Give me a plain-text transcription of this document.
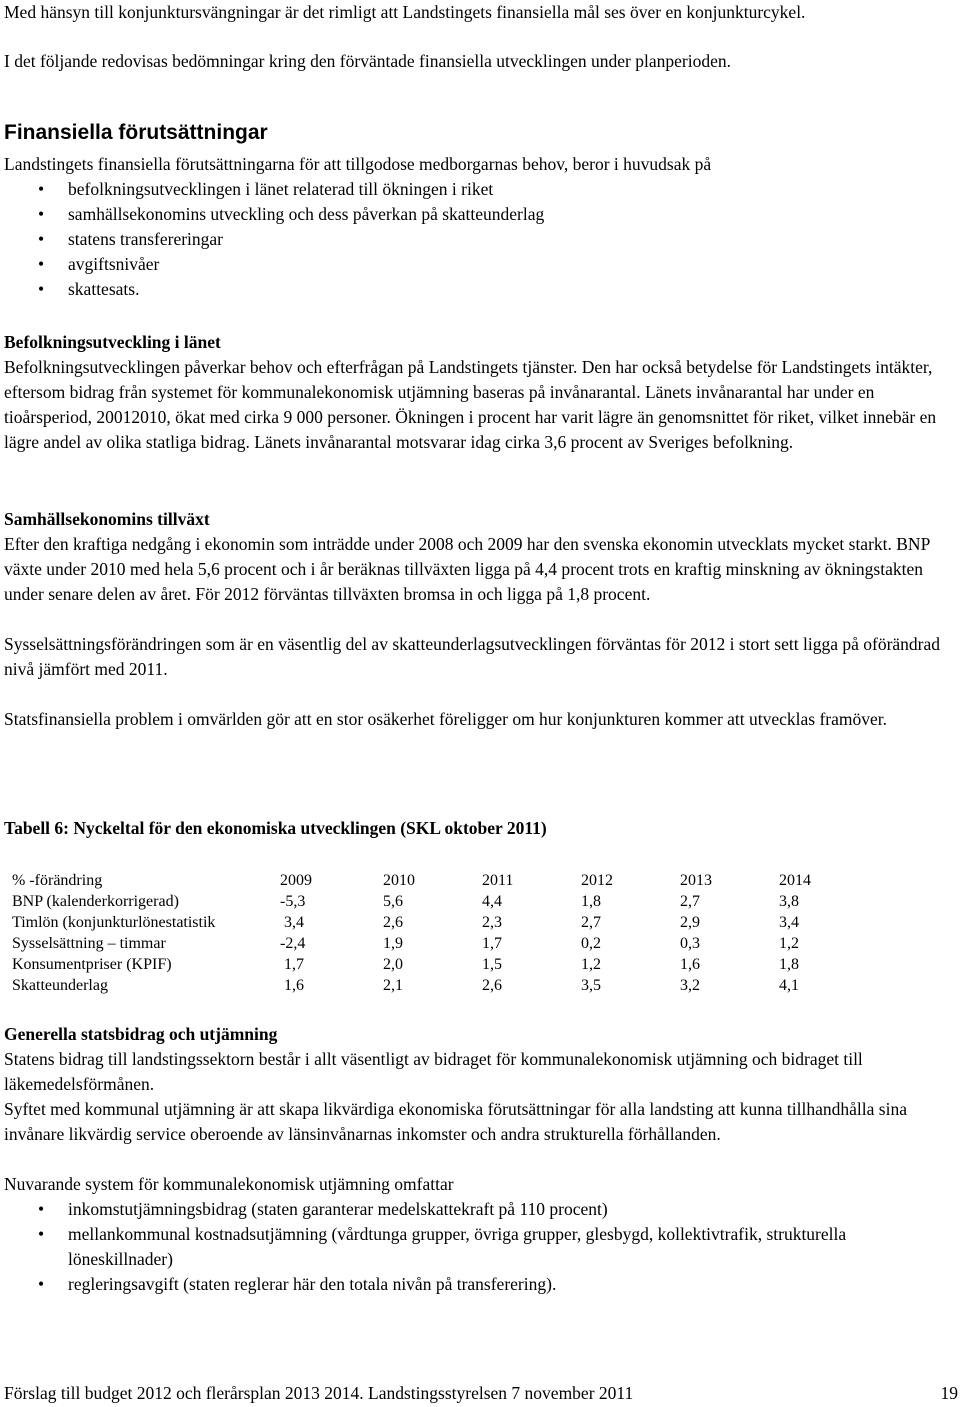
Med hänsyn till konjunktursvängningar är det rimligt att Landstingets finansiella mål ses över en konjunkturcykel.

I det följande redovisas bedömningar kring den förväntade finansiella utvecklingen under planperioden.

Finansiella förutsättningar

Landstingets finansiella förutsättningarna för att tillgodose medborgarnas behov, beror i huvudsak på

• befolkningsutvecklingen i länet relaterad till ökningen i riket
• samhällsekonomins utveckling och dess påverkan på skatteunderlag
• statens transfereringar
• avgiftsnivåer
• skattesats.

Befolkningsutveckling i länet

Befolkningsutvecklingen påverkar behov och efterfrågan på Landstingets tjänster. Den har också betydelse för Landstingets intäkter, eftersom bidrag från systemet för kommunalekonomisk utjämning baseras på invånarantal. Länets invånarantal har under en tioårsperiod, 20012010, ökat med cirka 9 000 personer. Ökningen i procent har varit lägre än genomsnittet för riket, vilket innebär en lägre andel av olika statliga bidrag. Länets invånarantal motsvarar idag cirka 3,6 procent av Sveriges befolkning.

Samhällsekonomins tillväxt

Efter den kraftiga nedgång i ekonomin som inträdde under 2008 och 2009 har den svenska ekonomin utvecklats mycket starkt. BNP växte under 2010 med hela 5,6 procent och i år beräknas tillväxten ligga på 4,4 procent trots en kraftig minskning av ökningstakten under senare delen av året. För 2012 förväntas tillväxten bromsa in och ligga på 1,8 procent.

Sysselsättningsförändringen som är en väsentlig del av skatteunderlagsutvecklingen förväntas för 2012 i stort sett ligga på oförändrad nivå jämfört med 2011.

Statsfinansiella problem i omvärlden gör att en stor osäkerhet föreligger om hur konjunkturen kommer att utvecklas framöver.

Tabell 6: Nyckeltal för den ekonomiska utvecklingen (SKL oktober 2011)
% -förändring	2009	2010	2011	2012	2013	2014
BNP (kalenderkorrigerad)	-5,3	5,6	4,4	1,8	2,7	3,8
Timlön (konjunkturlönestatistik	3,4	2,6	2,3	2,7	2,9	3,4
Sysselsättning – timmar	-2,4	1,9	1,7	0,2	0,3	1,2
Konsumentpriser (KPIF)	1,7	2,0	1,5	1,2	1,6	1,8
Skatteunderlag	1,6	2,1	2,6	3,5	3,2	4,1

Generella statsbidrag och utjämning

Statens bidrag till landstingssektorn består i allt väsentligt av bidraget för kommunalekonomisk utjämning och bidraget till läkemedelsförmånen.

Syftet med kommunal utjämning är att skapa likvärdiga ekonomiska förutsättningar för alla landsting att kunna tillhandhålla sina invånare likvärdig service oberoende av länsinvånarnas inkomster och andra strukturella förhållanden.

Nuvarande system för kommunalekonomisk utjämning omfattar

• inkomstutjämningsbidrag (staten garanterar medelskattekraft på 110 procent)
• mellankommunal kostnadsutjämning (vårdtunga grupper, övriga grupper, glesbygd, kollektivtrafik, strukturella löneskillnader)
• regleringsavgift (staten reglerar här den totala nivån på transferering).
Förslag till budget 2012 och flerårsplan 2013 2014. Landstingsstyrelsen 7 november 2011	19
